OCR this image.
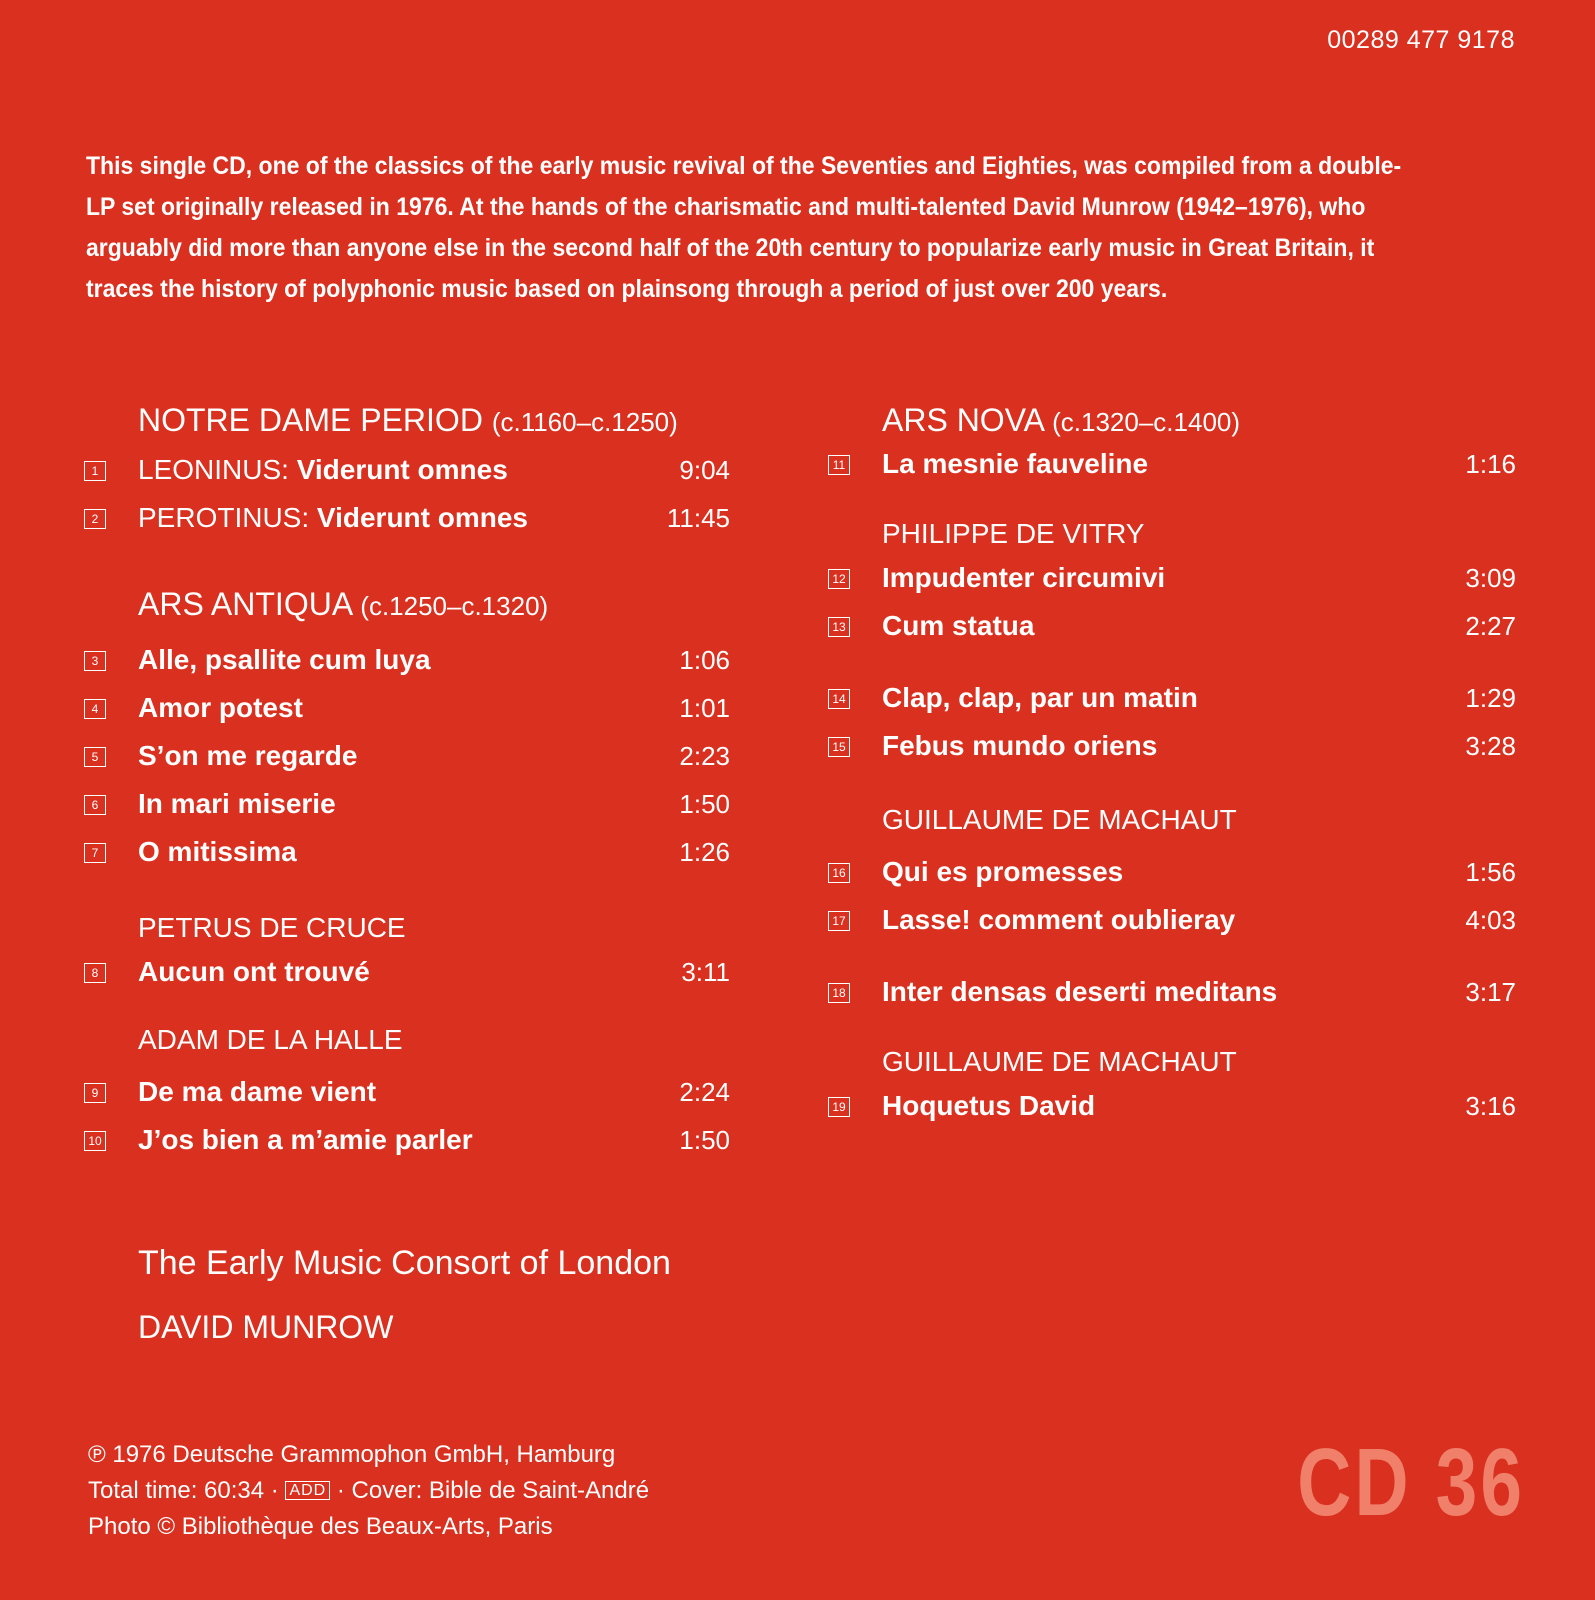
00289 477 9178
This single CD, one of the classics of the early music revival of the Seventies and Eighties, was compiled from a double-LP set originally released in 1976. At the hands of the charismatic and multi-talented David Munrow (1942–1976), who arguably did more than anyone else in the second half of the 20th century to popularize early music in Great Britain, it traces the history of polyphonic music based on plainsong through a period of just over 200 years.
NOTRE DAME PERIOD (c.1160–c.1250)
1 LEONINUS: Viderunt omnes	9:04
2 PEROTINUS: Viderunt omnes	11:45
ARS ANTIQUA (c.1250–c.1320)
3 Alle, psallite cum luya	1:06
4 Amor potest	1:01
5 S’on me regarde	2:23
6 In mari miserie	1:50
7 O mitissima	1:26
PETRUS DE CRUCE
8 Aucun ont trouvé	3:11
ADAM DE LA HALLE
9 De ma dame vient	2:24
10 J’os bien a m’amie parler	1:50
ARS NOVA (c.1320–c.1400)
11 La mesnie fauveline	1:16
PHILIPPE DE VITRY
12 Impudenter circumivi	3:09
13 Cum statua	2:27
14 Clap, clap, par un matin	1:29
15 Febus mundo oriens	3:28
GUILLAUME DE MACHAUT
16 Qui es promesses	1:56
17 Lasse! comment oublieray	4:03
18 Inter densas deserti meditans	3:17
GUILLAUME DE MACHAUT
19 Hoquetus David	3:16
The Early Music Consort of London
DAVID MUNROW
℗ 1976 Deutsche Grammophon GmbH, Hamburg
Total time: 60:34 · ADD · Cover: Bible de Saint-André
Photo © Bibliothèque des Beaux-Arts, Paris	CD 36
